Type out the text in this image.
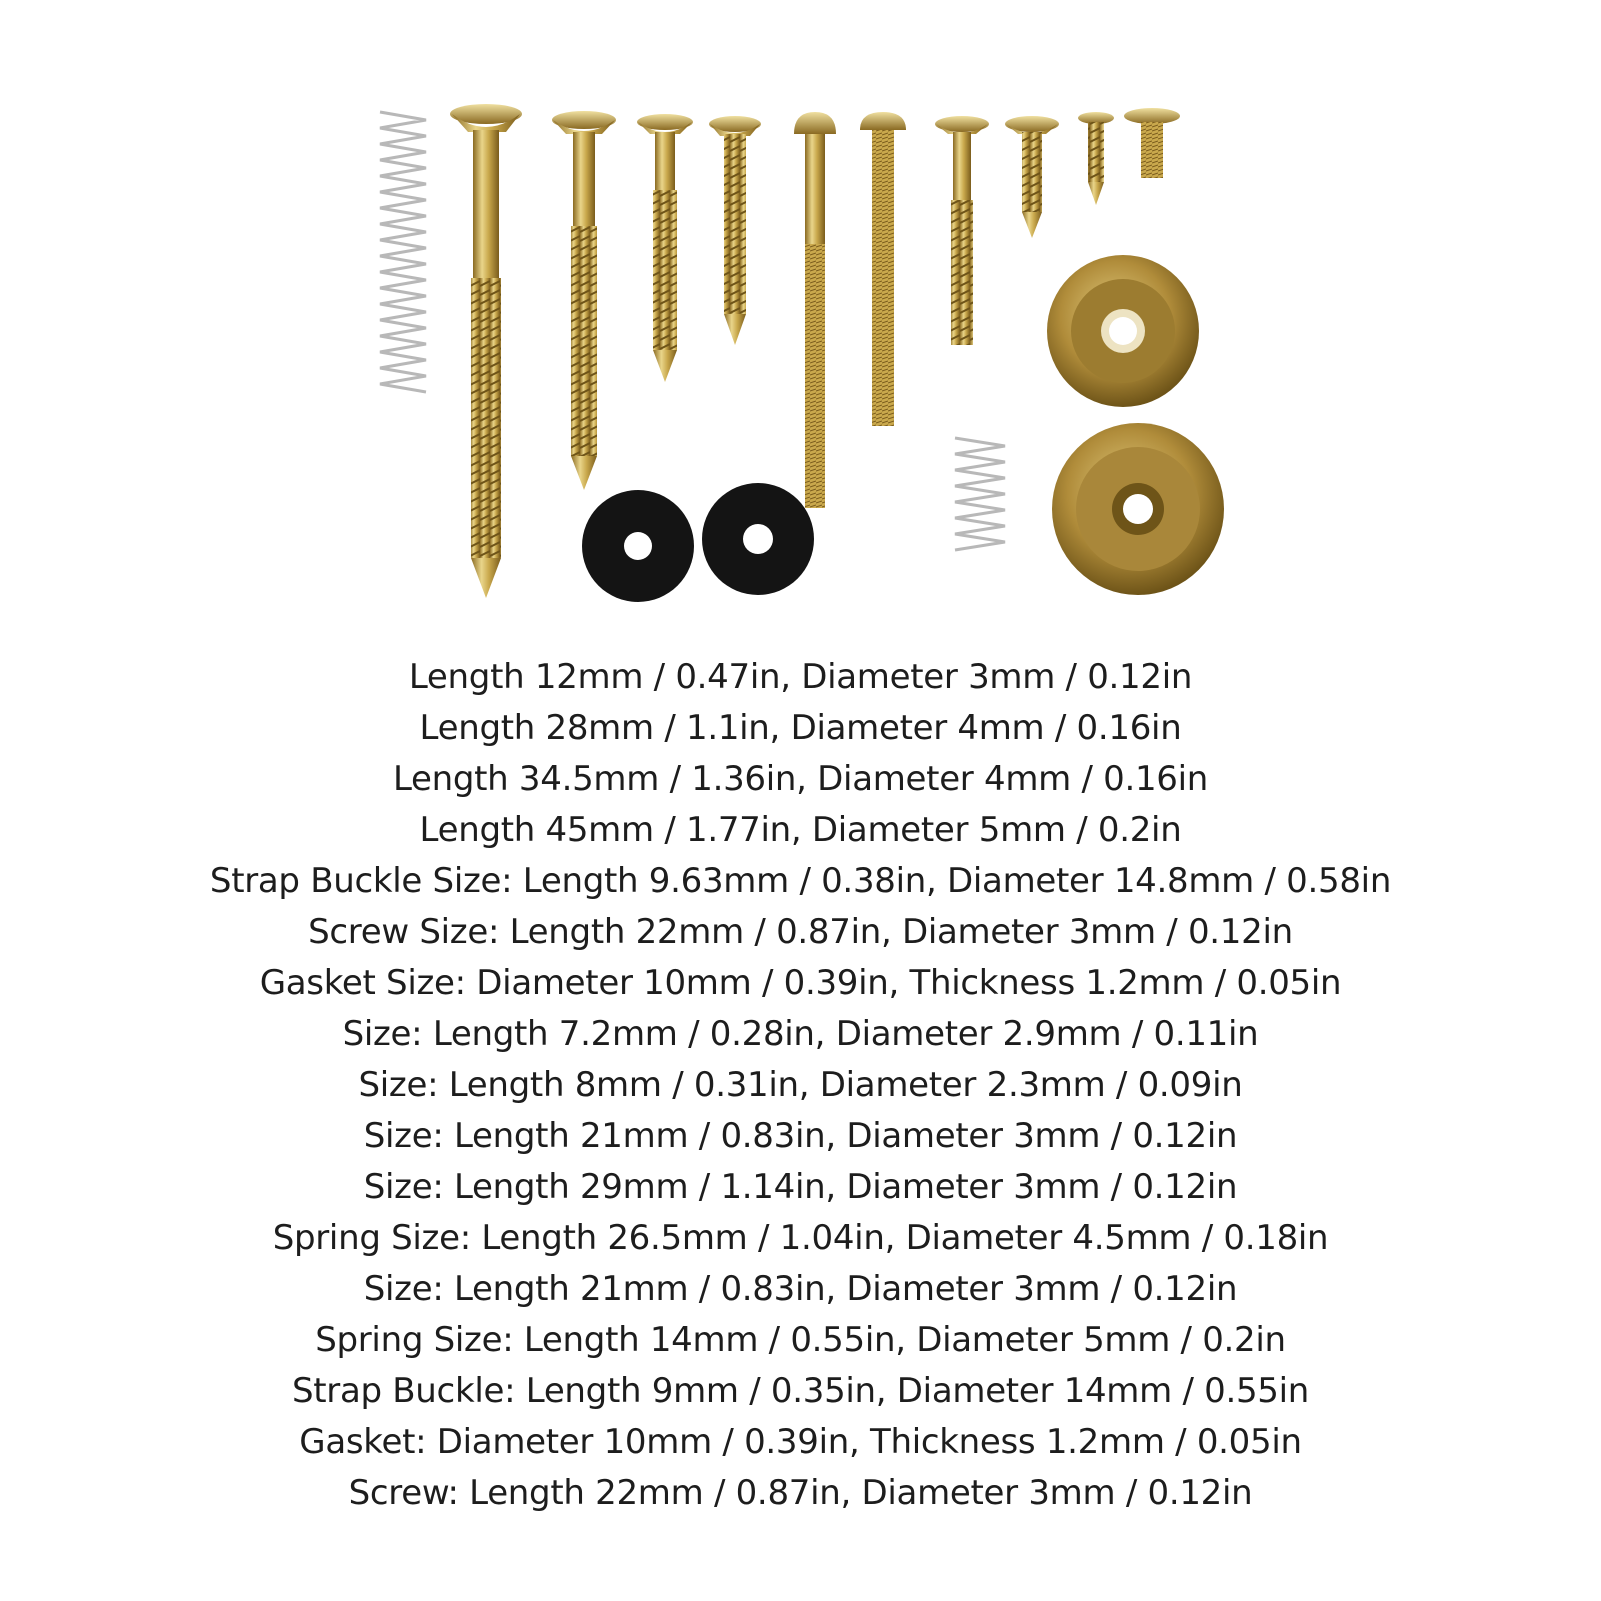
Length 12mm / 0.47in, Diameter 3mm / 0.12in
Length 28mm / 1.1in, Diameter 4mm / 0.16in
Length 34.5mm / 1.36in, Diameter 4mm / 0.16in
Length 45mm / 1.77in, Diameter 5mm / 0.2in
Strap Buckle Size: Length 9.63mm / 0.38in, Diameter 14.8mm / 0.58in
Screw Size: Length 22mm / 0.87in, Diameter 3mm / 0.12in
Gasket Size: Diameter 10mm / 0.39in, Thickness 1.2mm / 0.05in
Size: Length 7.2mm / 0.28in, Diameter 2.9mm / 0.11in
Size: Length 8mm / 0.31in, Diameter 2.3mm / 0.09in
Size: Length 21mm / 0.83in, Diameter 3mm / 0.12in
Size: Length 29mm / 1.14in, Diameter 3mm / 0.12in
Spring Size: Length 26.5mm / 1.04in, Diameter 4.5mm / 0.18in
Size: Length 21mm / 0.83in, Diameter 3mm / 0.12in
Spring Size: Length 14mm / 0.55in, Diameter 5mm / 0.2in
Strap Buckle: Length 9mm / 0.35in, Diameter 14mm / 0.55in
Gasket: Diameter 10mm / 0.39in, Thickness 1.2mm / 0.05in
Screw: Length 22mm / 0.87in, Diameter 3mm / 0.12in
